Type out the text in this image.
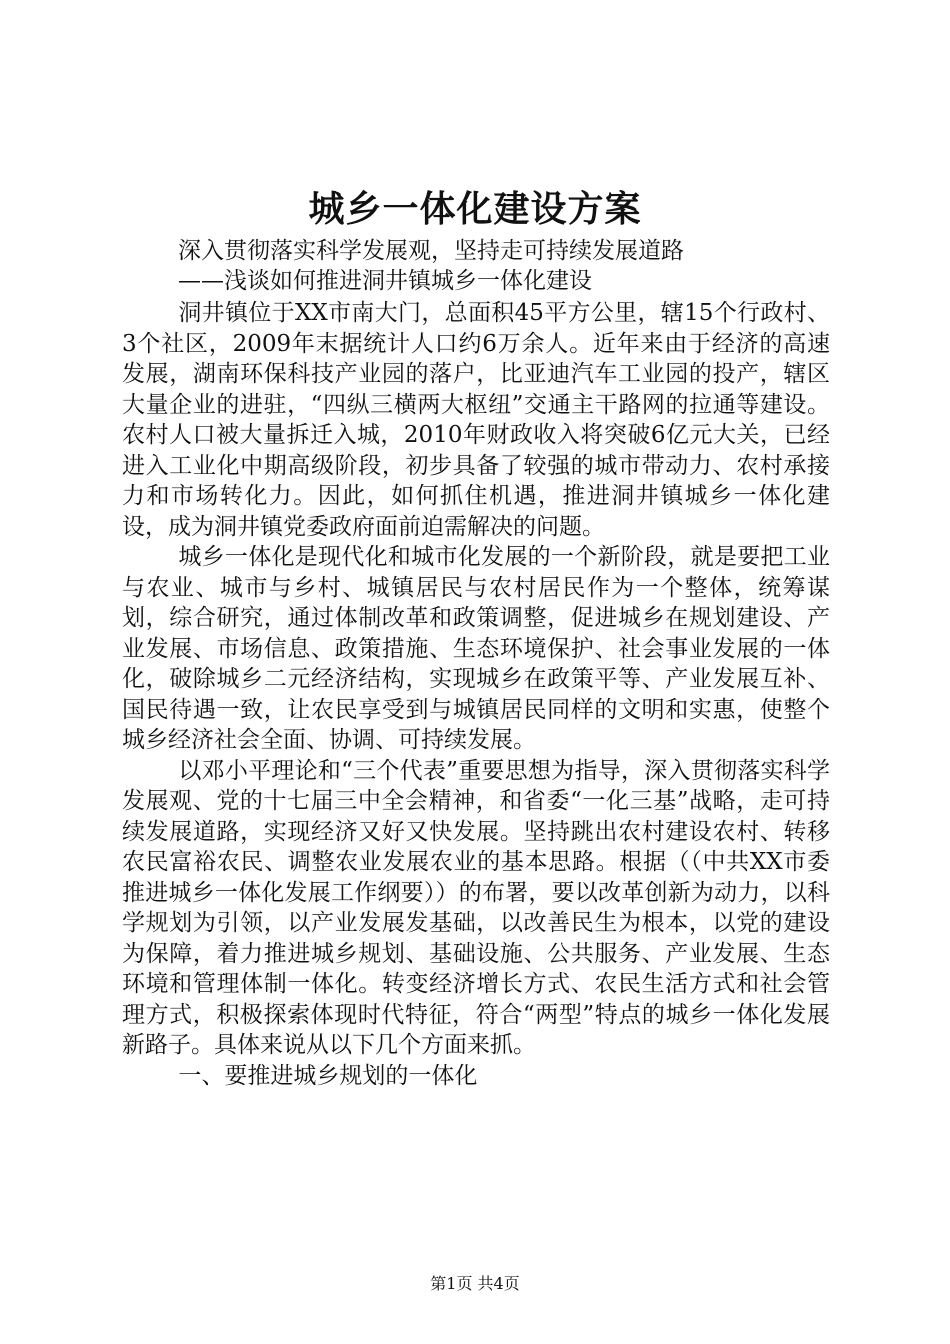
城乡一体化建设方案
深入贯彻落实科学发展观，坚持走可持续发展道路
——浅谈如何推进洞井镇城乡一体化建设

洞井镇位于XX市南大门，总面积45平方公里，辖15个行政村、3个社区，2009年末据统计人口约6万余人。近年来由于经济的高速发展，湖南环保科技产业园的落户，比亚迪汽车工业园的投产，辖区大量企业的进驻，“四纵三横两大枢纽”交通主干路网的拉通等建设。农村人口被大量拆迁入城，2010年财政收入将突破6亿元大关，已经进入工业化中期高级阶段，初步具备了较强的城市带动力、农村承接力和市场转化力。因此，如何抓住机遇，推进洞井镇城乡一体化建设，成为洞井镇党委政府面前迫需解决的问题。

城乡一体化是现代化和城市化发展的一个新阶段，就是要把工业与农业、城市与乡村、城镇居民与农村居民作为一个整体，统筹谋划，综合研究，通过体制改革和政策调整，促进城乡在规划建设、产业发展、市场信息、政策措施、生态环境保护、社会事业发展的一体化，破除城乡二元经济结构，实现城乡在政策平等、产业发展互补、国民待遇一致，让农民享受到与城镇居民同样的文明和实惠，使整个城乡经济社会全面、协调、可持续发展。

以邓小平理论和“三个代表”重要思想为指导，深入贯彻落实科学发展观、党的十七届三中全会精神，和省委“一化三基”战略，走可持续发展道路，实现经济又好又快发展。坚持跳出农村建设农村、转移农民富裕农民、调整农业发展农业的基本思路。根据（（中共XX市委推进城乡一体化发展工作纲要））的布署，要以改革创新为动力，以科学规划为引领，以产业发展发基础，以改善民生为根本，以党的建设为保障，着力推进城乡规划、基础设施、公共服务、产业发展、生态环境和管理体制一体化。转变经济增长方式、农民生活方式和社会管理方式，积极探索体现时代特征，符合“两型”特点的城乡一体化发展新路子。具体来说从以下几个方面来抓。

一、要推进城乡规划的一体化
第1页 共4页
